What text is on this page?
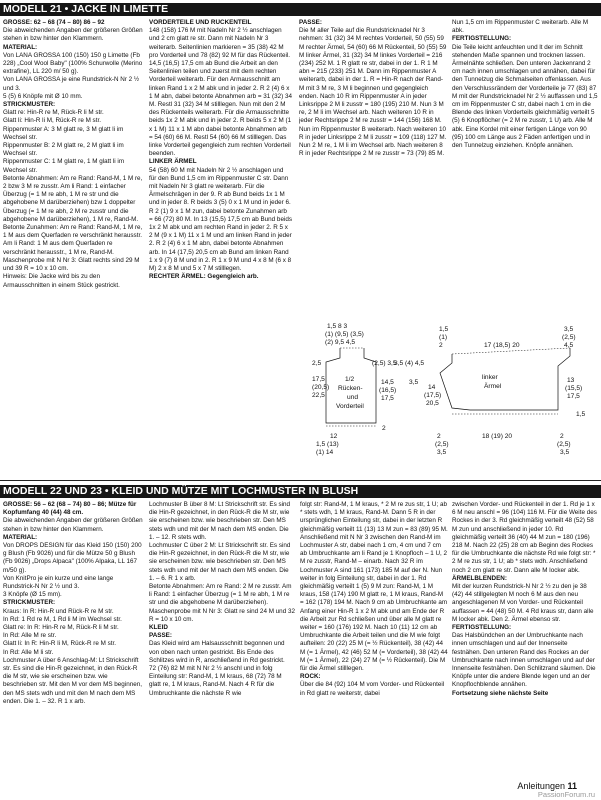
MODELL 21 • JACKE IN LIMETTE

GRÖSSE: 62 – 68 (74 – 80) 86 – 92

Die abweichenden Angaben der größeren Größen stehen in bzw hinter den Klammern.

MATERIAL:

Von LANA GROSSA 100 (150) 150 g Limette (Fb 228) „Cool Wool Baby" (100% Schurwolle (Merino extrafine), LL 220 m/ 50 g).

Von LANA GROSSA je eine Rundstrick-N Nr 2 ½ und 3.

5 (5) 6 Knöpfe mit Ø 10 mm.

STRICKMUSTER:

Glatt re: Hin-R re M, Rück-R li M str.

Glatt li: Hin-R li M, Rück-R re M str.

Rippenmuster A: 3 M glatt re, 3 M glatt li im Wechsel str.

Rippenmuster B: 2 M glatt re, 2 M glatt li im Wechsel str.

Rippenmuster C: 1 M glatt re, 1 M glatt li im Wechsel str.

Betonte Abnahmen: Am re Rand: Rand-M, 1 M re, 2 bzw 3 M re zusstr. Am li Rand: 1 einfacher Überzug (= 1 M re abh, 1 M re str und die abgehobene M darüberziehen) bzw 1 doppelter Überzug (= 1 M re abh, 2 M re zusstr und die abgehobene M darüberziehen), 1 M re, Rand-M.

Betonte Zunahmen: Am re Rand: Rand-M, 1 M re, 1 M aus dem Querfaden re verschränkt herausstr. Am li Rand: 1 M aus dem Querfaden re verschränkt herausstr., 1 M re, Rand-M.

Maschenprobe mit N Nr 3: Glatt rechts sind 29 M und 39 R = 10 x 10 cm.

Hinweis: Die Jacke wird bis zu den Armausschnitten in einem Stück gestrickt.

VORDERTEILE UND RÜCKENTEIL

148 (158) 176 M mit Nadeln Nr 2 ½ anschlagen und 2 cm glatt re str. Dann mit Nadeln Nr 3 weiterarb. Seitenlinien markieren = 35 (38) 42 M pro Vorderteil und 78 (82) 92 M für das Rückenteil. 14,5 (16,5) 17,5 cm ab Bund die Arbeit an den Seitenlinien teilen und zuerst mit dem rechten Vorderteil weiterarb. Für den Armausschnitt am linken Rand 1 x 2 M abk und in jeder 2. R 2 (4) 6 x 1 M abn, dabei betonte Abnahmen arb = 31 (32) 34 M. Restl 31 (32) 34 M stilllegen. Nun mit den 2 M des Rückenteils weiterarb. Für die Armausschnitte beids 1x 2 M abk und in jeder 2. R beids 5 x 2 M (1 x 1 M) 11 x 1 M abn dabei betonte Abnahmen arb = 54 (60) 66 M. Restl 54 (60) 66 M stilllegen. Das linke Vorderteil gegengleich zum rechten Vorderteil beenden.

LINKER ÄRMEL

54 (58) 60 M mit Nadeln Nr 2 ½ anschlagen und für den Bund 1,5 cm im Rippenmuster C str. Dann mit Nadeln Nr 3 glatt re weiterarb. Für die Ärmelschrägen in der 9. R ab Bund beids 1x 1 M und in jeder 8. R beids 3 (5) 0 x 1 M und in jeder 6. R 2 (1) 9 x 1 M zun, dabei betonte Zunahmen arb = 66 (72) 80 M. In 13 (15,5) 17,5 cm ab Bund beids 1x 2 M abk und am rechten Rand in jeder 2. R 5 x 2 M (9 x 1 M) 11 x 1 M und am linken Rand in jeder 2. R 2 (4) 6 x 1 M abn, dabei betonte Abnahmen arb. In 14 (17,5) 20,5 cm ab Bund am linken Rand 1 x 9 (7) 8 M und in 2. R 1 x 9 M und 4 x 8 M (6 x 8 M) 2 x 8 M und 5 x 7 M stilllegen.

RECHTER ÄRMEL: Gegengleich arb.

PASSE:

Die M aller Teile auf die Rundstricknadel Nr 3 nehmen: 31 (32) 34 M rechtes Vorderteil, 50 (55) 59 M rechter Ärmel, 54 (60) 66 M Rückenteil, 50 (55) 59 M linker Ärmel, 31 (32) 34 M linkes Vorderteil = 216 (234) 252 M. 1 R glatt re str, dabei in der 1. R 1 M abn = 215 (233) 251 M. Dann im Rippenmuster A weiterarb, dabei in der 1. R = Hin-R nach der Rand-M mit 3 M re, 3 M li beginnen und gegengleich enden. Nach 10 R im Rippenmuster A in jeder Linksrippe 2 M li zusstr = 180 (195) 210 M. Nun 3 M re, 2 M li im Wechsel arb. Nach weiteren 10 R in jeder Rechtsrippe 2 M re zusstr = 144 (156) 168 M. Nun im Rippenmuster B weiterarb. Nach weiteren 10 R in jeder Linksrippe 2 M li zusstr = 109 (118) 127 M. Nun 2 M re, 1 M li im Wechsel arb. Nach weiteren 8 R in jeder Rechtsrippe 2 M re zusstr = 73 (79) 85 M.

Nun 1,5 cm im Rippenmuster C weiterarb. Alle M abk.

FERTIGSTELLUNG:

Die Teile leicht anfeuchten und lt der im Schnitt stehenden Maße spannen und trocknen lassen. Ärmelnähte schließen. Den unteren Jackenrand 2 cm nach innen umschlagen und annähen, dabei für den Tunnelzug die Schmalseiten offenlassen. Aus den Verschlussrändern der Vorderteile je 77 (83) 87 M mit der Rundstricknadel Nr 2 ½ auffassen und 1,5 cm im Rippenmuster C str, dabei nach 1 cm in die Blende des linken Vorderteils gleichmäßig verteilt 5 (5) 6 Knopflöcher (= 2 M re zusstr, 1 U) arb. Alle M abk. Eine Kordel mit einer fertigen Länge von 90 (95) 100 cm Länge aus 2 Fäden anfertigen und in den Tunnelzug einziehen. Knöpfe annähen.

1,5 8 3
(1) (9,5) (3,5)
(2) 9,5 4,5
2,5	(2,5) 3,5
3,5
1/2
Rücken-
und
Vorderteil
17,5
(20,5)
22,5
14,5
(16,5)
17,5
12
1,5 (13)
(1) 14
2
1,5
(1)
2
3,5
(2,5)
4,5
17 (18,5) 20
linker
Ärmel
3,5 (4) 4,5
14
(17,5)
20,5
13
(15,5)
17,5
1,5
2
(2,5)
3,5
18 (19) 20	2
(2,5)
3,5
MODELL 22 UND 23 • KLEID UND MÜTZE MIT LOCHMUSTER IN BLUSH

GRÖSSE: 56 – 62 (68 – 74) 80 – 86; Mütze für Kopfumfang 40 (44) 48 cm.

Die abweichenden Angaben der größeren Größen stehen in bzw hinter den Klammern.

MATERIAL:

Von DROPS DESIGN für das Kleid 150 (150) 200 g Blush (Fb 9026) und für die Mütze 50 g Blush (Fb 9026) „Drops Alpaca" (100% Alpaka, LL 167 m/50 g).

Von KnitPro je ein kurze und eine lange Rundstrick-N Nr 2 ½ und 3.

3 Knöpfe (Ø 15 mm).

STRICKMUSTER:

Kraus: In R: Hin-R und Rück-R re M str.

In Rd: 1 Rd re M, 1 Rd li M im Wechsel str.

Glatt re: In R: Hin-R re M, Rück-R li M str.

In Rd: Alle M re str.

Glatt li: In R: Hin-R li M, Rück-R re M str.

In Rd: Alle M li str.

Lochmuster A über 6 Anschlag-M: Lt Strickschrift str. Es sind die Hin-R gezeichnet, in den Rück-R die M str, wie sie erscheinen bzw. wie beschrieben str. Mit den M vor dem MS beginnen, den MS stets wdh und mit den M nach dem MS enden. Die 1. – 32. R 1 x arb.

Lochmuster B über 8 M: Lt Strickschrift str. Es sind die Hin-R gezeichnet, in den Rück-R die M str, wie sie erscheinen bzw. wie beschrieben str. Den MS stets wdh und mit der M nach dem MS enden. Die 1. – 12. R stets wdh.

Lochmuster C über 2 M: Lt Strickschrift str. Es sind die Hin-R gezeichnet, in den Rück-R die M str, wie sie erscheinen bzw. wie beschrieben str. Den MS stets wdh und mit der M nach dem MS enden. Die 1. – 6. R 1 x arb.

Betonte Abnahmen: Am re Rand: 2 M re zusstr. Am li Rand: 1 einfacher Überzug (= 1 M re abh, 1 M re str und die abgehobene M darüberziehen).

Maschenprobe mit N Nr 3: Glatt re sind 24 M und 32 R = 10 x 10 cm.

KLEID

PASSE:

Das Kleid wird am Halsausschnitt begonnen und von oben nach unten gestrickt. Bis Ende des Schlitzes wird in R, anschließend in Rd gestrickt.

72 (76) 82 M mit N Nr 2 ½ anschl und in folg Einteilung str: Rand-M, 1 M kraus, 68 (72) 78 M glatt re, 1 M kraus, Rand-M. Nach 4 R für die Umbruchkante die nächste R wie

folgt str: Rand-M, 1 M kraus, * 2 M re zus str, 1 U; ab * stets wdh, 1 M kraus, Rand-M. Dann 5 R in der ursprünglichen Einteilung str, dabei in der letzten R gleichmäßig verteilt 11 (13) 13 M zun = 83 (89) 95 M. Anschließend mit N Nr 3 zwischen den Rand-M im Lochmuster A str, dabei nach 1 cm, 4 cm und 7 cm ab Umbruchkante am li Rand je 1 Knopfloch – 1 U, 2 M re zusstr, Rand-M – einarb. Nach 32 R im Lochmuster A sind 161 (173) 185 M auf der N. Nun weiter in folg Einteilung str, dabei in der 1. Rd gleichmäßig verteilt 1 (5) 9 M zun: Rand-M, 1 M kraus, 158 (174) 190 M glatt re, 1 M kraus, Rand-M = 162 (178) 194 M. Nach 9 cm ab Umbruchkante am Anfang einer Hin-R 1 x 2 M abk und am Ende der R die Arbeit zur Rd schließen und über alle M glatt re weiter = 160 (176) 192 M. Nach 10 (11) 12 cm ab Umbruchkante die Arbeit teilen und die M wie folgt aufteilen: 20 (22) 25 M (= ½ Rückenteil), 38 (42) 44 M (= 1 Ärmel), 42 (46) 52 M (= Vorderteil), 38 (42) 44 M (= 1 Ärmel), 22 (24) 27 M (= ½ Rückenteil). Die M für die Ärmel stilllegen.

ROCK:

Über die 84 (92) 104 M vom Vorder- und Rückenteil in Rd glatt re weiterstr, dabei

zwischen Vorder- und Rückenteil in der 1. Rd je 1 x 6 M neu anschl = 96 (104) 116 M. Für die Weite des Rockes in der 3. Rd gleichmäßig verteilt 48 (52) 58 M zun und anschließend in jeder 10. Rd gleichmäßig verteilt 36 (40) 44 M zun = 180 (196) 218 M. Nach 22 (25) 28 cm ab Beginn des Rockes für die Umbruchkante die nächste Rd wie folgt str: * 2 M re zus str, 1 U; ab * stets wdh. Anschließend noch 2 cm glatt re str. Dann alle M locker abk.

ÄRMELBLENDEN:

Mit der kurzen Rundstrick-N Nr 2 ½ zu den je 38 (42) 44 stillgelegten M noch 6 M aus den neu angeschlagenen M von Vorder- und Rückenteil auffassen = 44 (48) 50 M. 4 Rd kraus str, dann alle M locker abk. Den 2. Ärmel ebenso str.

FERTIGSTELLUNG:

Das Halsbündchen an der Umbruchkante nach innen umschlagen und auf der Innenseite festnähen. Den unteren Rand des Rockes an der Umbruchkante nach innen umschlagen und auf der Innenseite festnähen. Den Schlitzrand säumen. Die Knöpfe unter die andere Blende legen und an der Knopflochblende annähen.

Fortsetzung siehe nächste Seite

Anleitungen 11
PassionForum.ru
